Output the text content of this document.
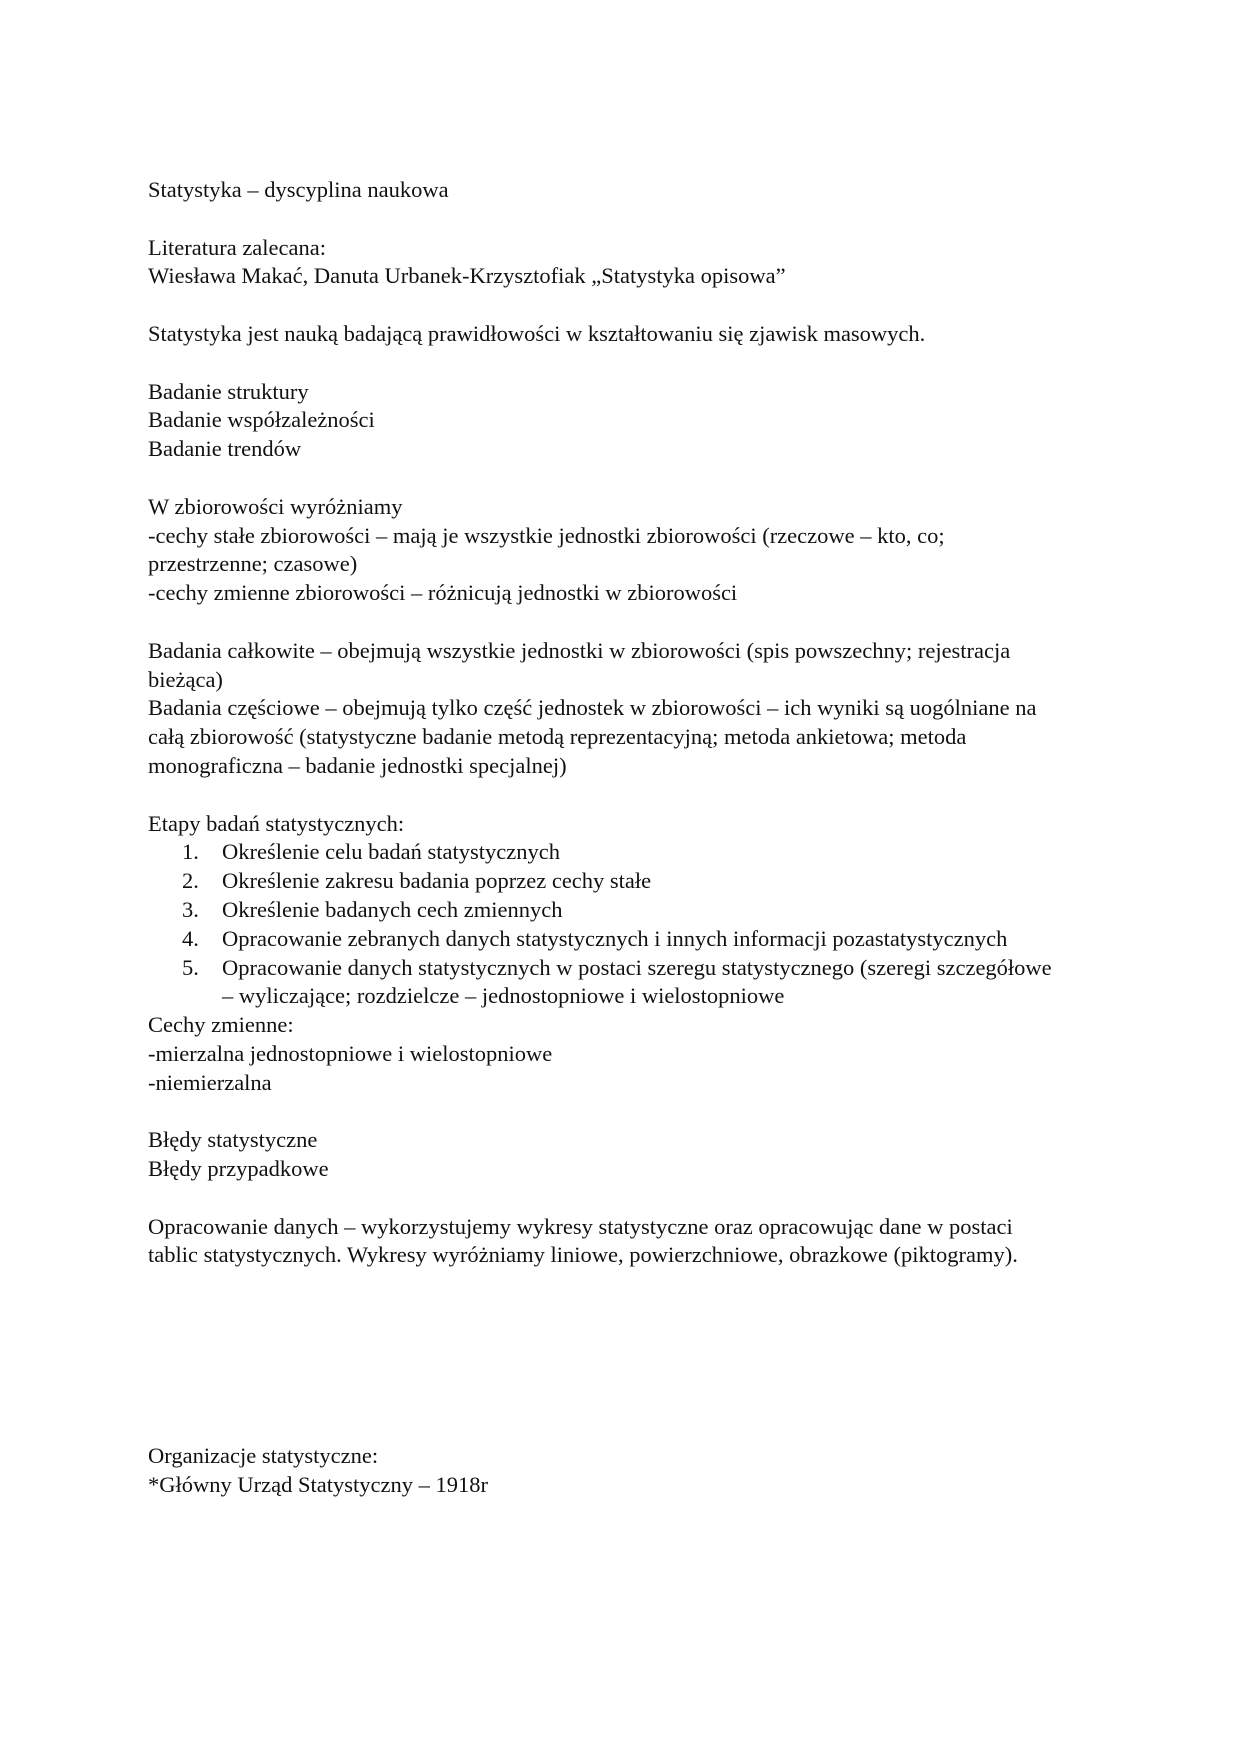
Statystyka – dyscyplina naukowa
Literatura zalecana:
Wiesława Makać, Danuta Urbanek-Krzysztofiak „Statystyka opisowa”
Statystyka jest nauką badającą prawidłowości w kształtowaniu się zjawisk masowych.
Badanie struktury
Badanie współzależności
Badanie trendów
W zbiorowości wyróżniamy
-cechy stałe zbiorowości – mają je wszystkie jednostki zbiorowości (rzeczowe – kto, co; przestrzenne; czasowe)
-cechy zmienne zbiorowości – różnicują jednostki w zbiorowości
Badania całkowite – obejmują wszystkie jednostki w zbiorowości (spis powszechny; rejestracja bieżąca)
Badania częściowe – obejmują tylko część jednostek w zbiorowości – ich wyniki są uogólniane na całą zbiorowość (statystyczne badanie metodą reprezentacyjną; metoda ankietowa; metoda monograficzna – badanie jednostki specjalnej)
Etapy badań statystycznych:
1. Określenie celu badań statystycznych
2. Określenie zakresu badania poprzez cechy stałe
3. Określenie badanych cech zmiennych
4. Opracowanie zebranych danych statystycznych i innych informacji pozastatystycznych
5. Opracowanie danych statystycznych w postaci szeregu statystycznego (szeregi szczegółowe – wyliczające; rozdzielcze – jednostopniowe i wielostopniowe
Cechy zmienne:
-mierzalna jednostopniowe i wielostopniowe
-niemierzalna
Błędy statystyczne
Błędy przypadkowe
Opracowanie danych – wykorzystujemy wykresy statystyczne oraz opracowując dane w postaci tablic statystycznych. Wykresy wyróżniamy liniowe, powierzchniowe, obrazkowe (piktogramy).
Organizacje statystyczne:
*Główny Urząd Statystyczny – 1918r
